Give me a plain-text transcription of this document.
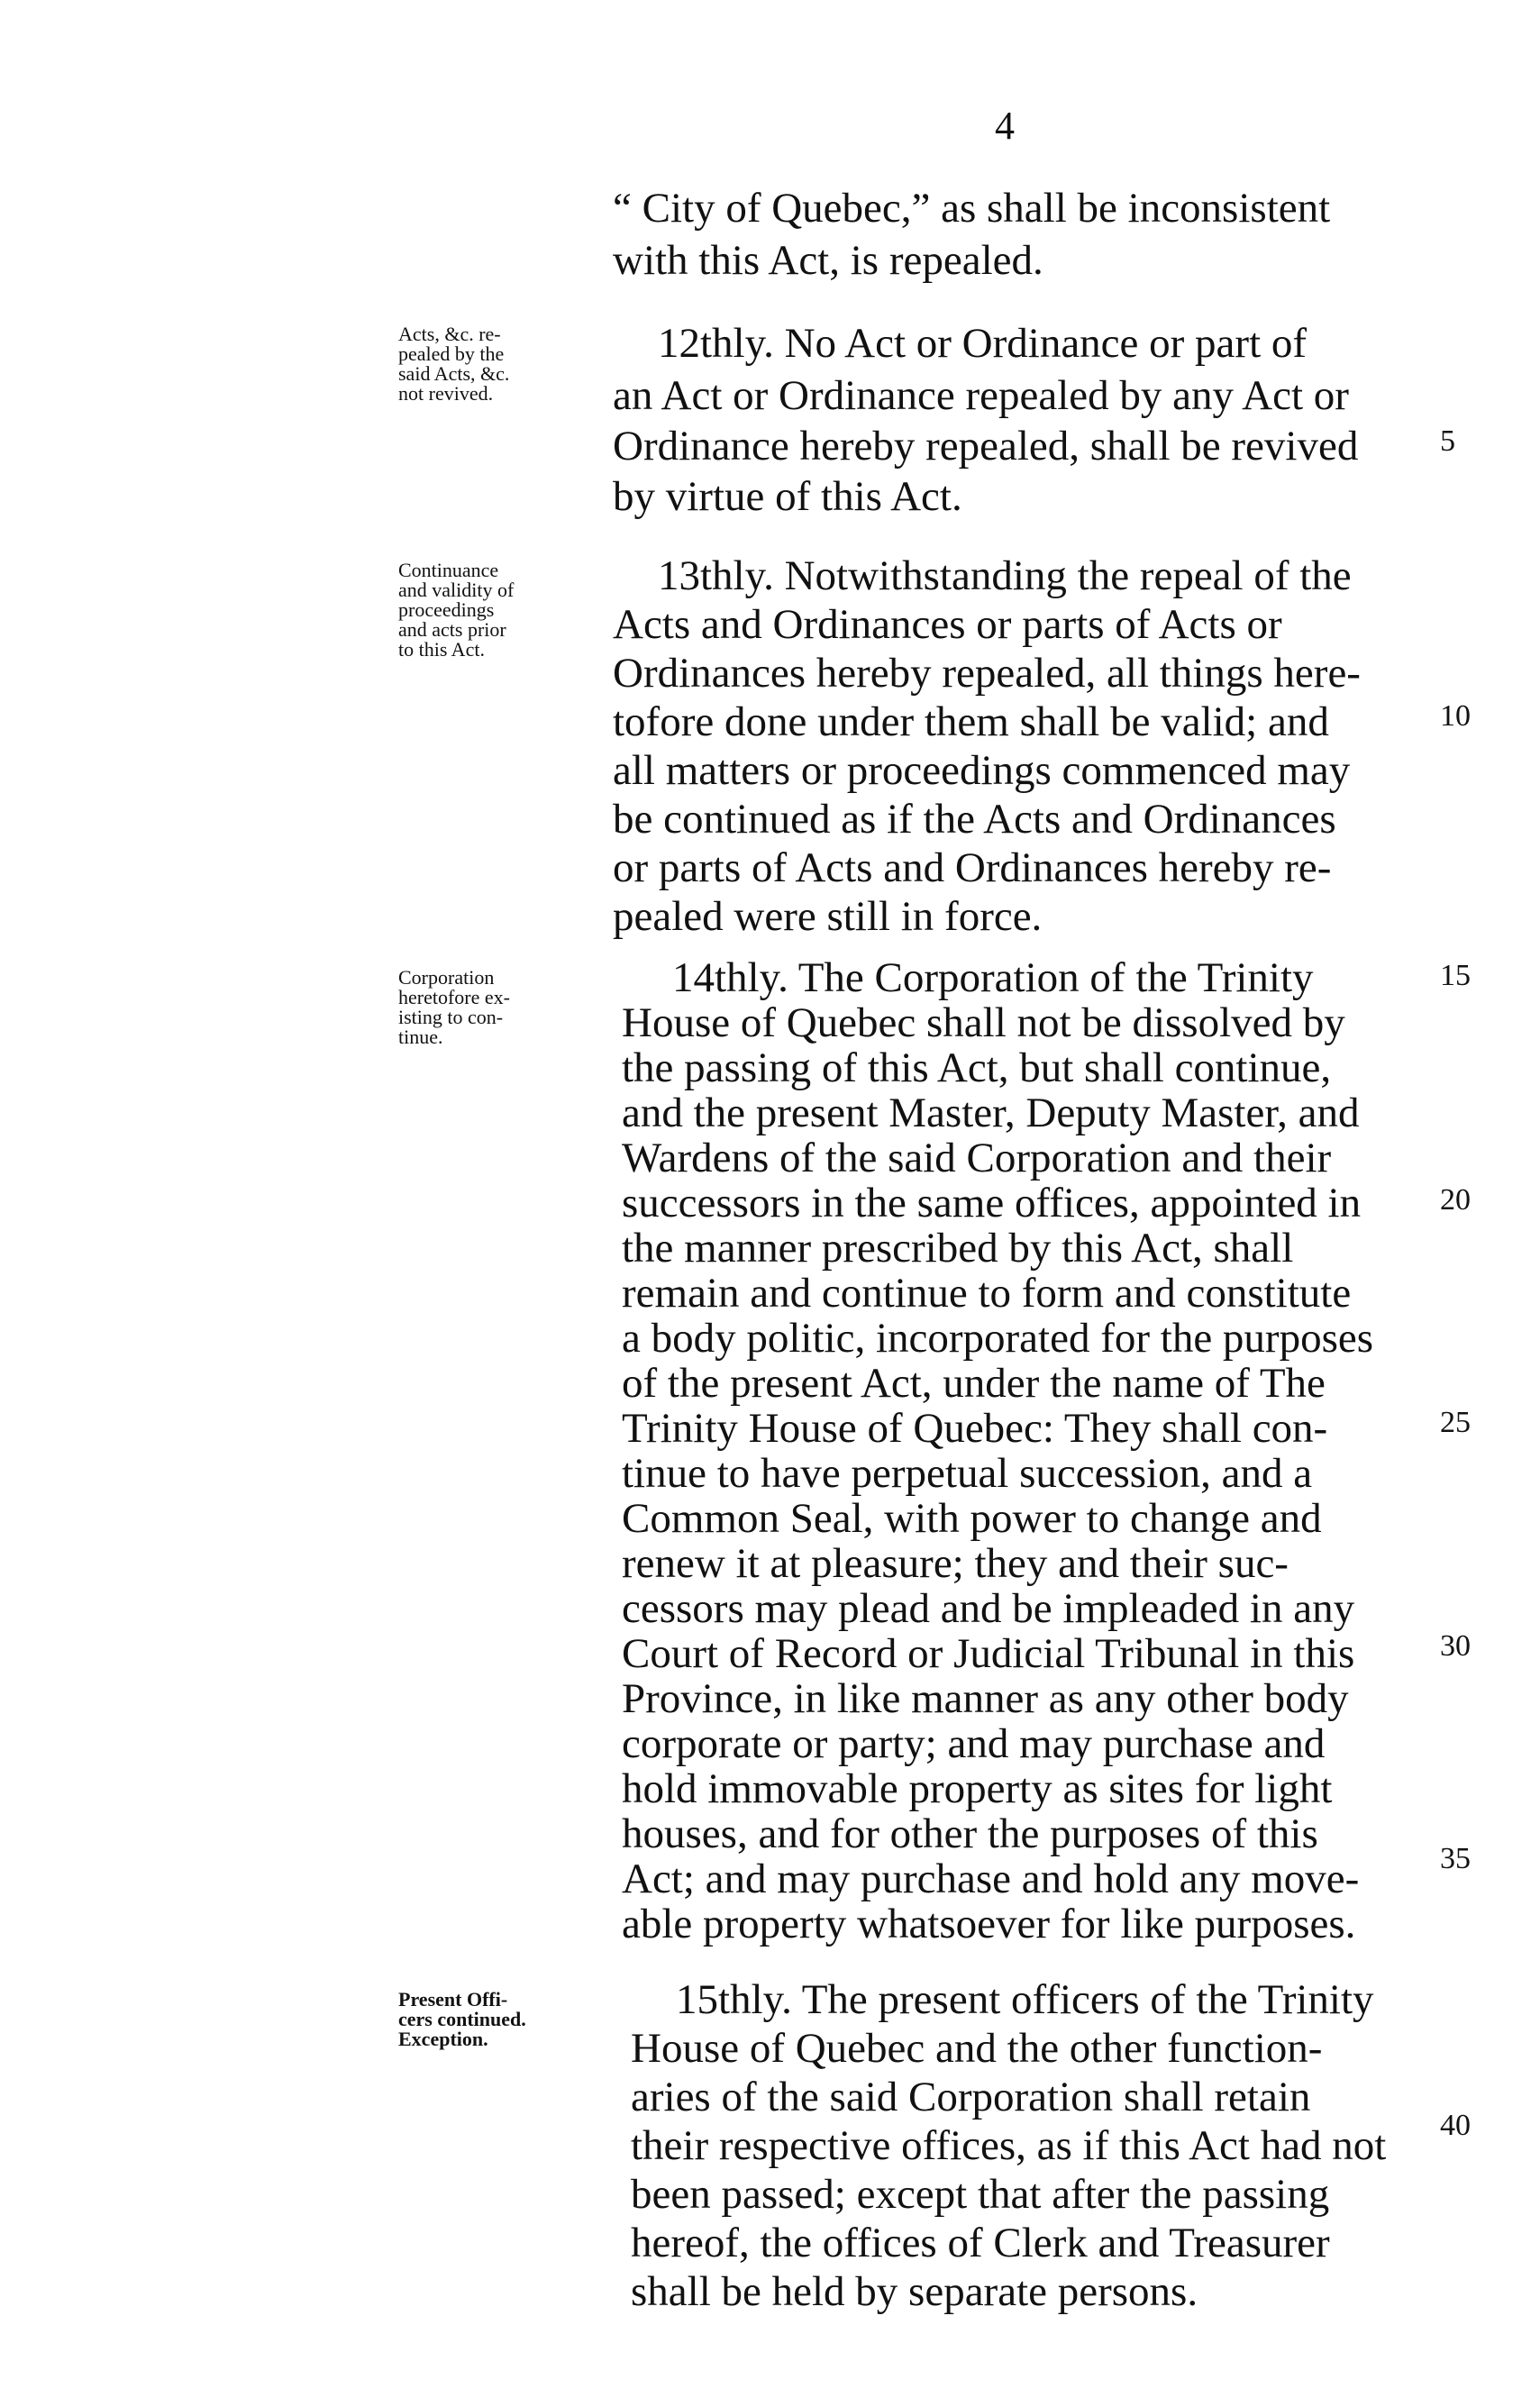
4
“ City of Quebec,” as shall be inconsistent
with this Act, is repealed.
Acts, &c. re-
pealed by the
said Acts, &c.
not revived.
12thly. No Act or Ordinance or part of
an Act or Ordinance repealed by any Act or
Ordinance hereby repealed, shall be revived
by virtue of this Act.
Continuance
and validity of
proceedings
and acts prior
to this Act.
13thly. Notwithstanding the repeal of the
Acts and Ordinances or parts of Acts or
Ordinances hereby repealed, all things here-
tofore done under them shall be valid; and
all matters or proceedings commenced may
be continued as if the Acts and Ordinances
or parts of Acts and Ordinances hereby re-
pealed were still in force.
Corporation
heretofore ex-
isting to con-
tinue.
14thly. The Corporation of the Trinity
House of Quebec shall not be dissolved by
the passing of this Act, but shall continue,
and the present Master, Deputy Master, and
Wardens of the said Corporation and their
successors in the same offices, appointed in
the manner prescribed by this Act, shall
remain and continue to form and constitute
a body politic, incorporated for the purposes
of the present Act, under the name of The
Trinity House of Quebec: They shall con-
tinue to have perpetual succession, and a
Common Seal, with power to change and
renew it at pleasure; they and their suc-
cessors may plead and be impleaded in any
Court of Record or Judicial Tribunal in this
Province, in like manner as any other body
corporate or party; and may purchase and
hold immovable property as sites for light
houses, and for other the purposes of this
Act; and may purchase and hold any move-
able property whatsoever for like purposes.
Present Offi-
cers continued.
Exception.
15thly. The present officers of the Trinity
House of Quebec and the other function-
aries of the said Corporation shall retain
their respective offices, as if this Act had not
been passed; except that after the passing
hereof, the offices of Clerk and Treasurer
shall be held by separate persons.
5
10
15
20
25
30
35
40
